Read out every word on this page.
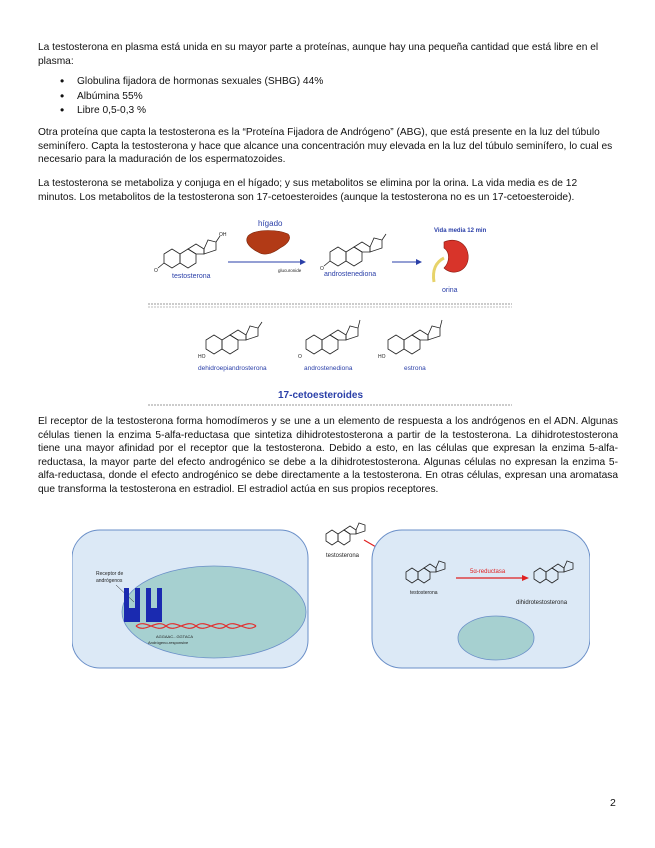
La testosterona en plasma está unida en su mayor parte a proteínas, aunque hay una pequeña cantidad que está libre en el plasma:
• Globulina fijadora de hormonas sexuales (SHBG) 44%
• Albúmina 55%
• Libre 0,5-0,3 %
Otra proteína que capta la testosterona es la “Proteína Fijadora de Andrógeno” (ABG), que está presente en la luz del túbulo seminífero. Capta la testosterona y hace que alcance una concentración muy elevada en la luz del túbulo seminífero, lo cual es necesario para la maduración de los espermatozoides.
La testosterona se metaboliza y conjuga en el hígado; y sus metabolitos se elimina por la orina. La vida media es de 12 minutos. Los metabolitos de la testosterona son 17-cetoesteroides (aunque la testosterona no es un 17-cetoesteroide).
OH
O
testosterona
hígado
glucuronide	O
androstenediona
Vida media 12 min
orina
HO
dehidroepiandrosterona
O
androstenediona
HO
estrona
17-cetoesteroides
El receptor de la testosterona forma homodímeros y se une a un elemento de respuesta a los andrógenos en el ADN. Algunas células tienen la enzima 5-alfa-reductasa que sintetiza dihidrotestosterona a partir de la testosterona. La dihidrotestosterona tiene una mayor afinidad por el receptor que la testosterona. Debido a esto, en las células que expresan la enzima 5-alfa-reductasa, la mayor parte del efecto androgénico se debe a la dihidrotestosterona. Algunas células no expresan la enzima 5-alfa-reductasa, donde el efecto androgénico se debe directamente a la testosterona. En otras células, expresan una aromatasa que transforma la testosterona en estradiol. El estradiol actúa en sus propios receptores.
Receptor de
andrógenos
AGGAAC...GGTACA
Andrógeno-responsive
testosterona
testosterona
5α-reductasa
dihidrotestosterona
2
